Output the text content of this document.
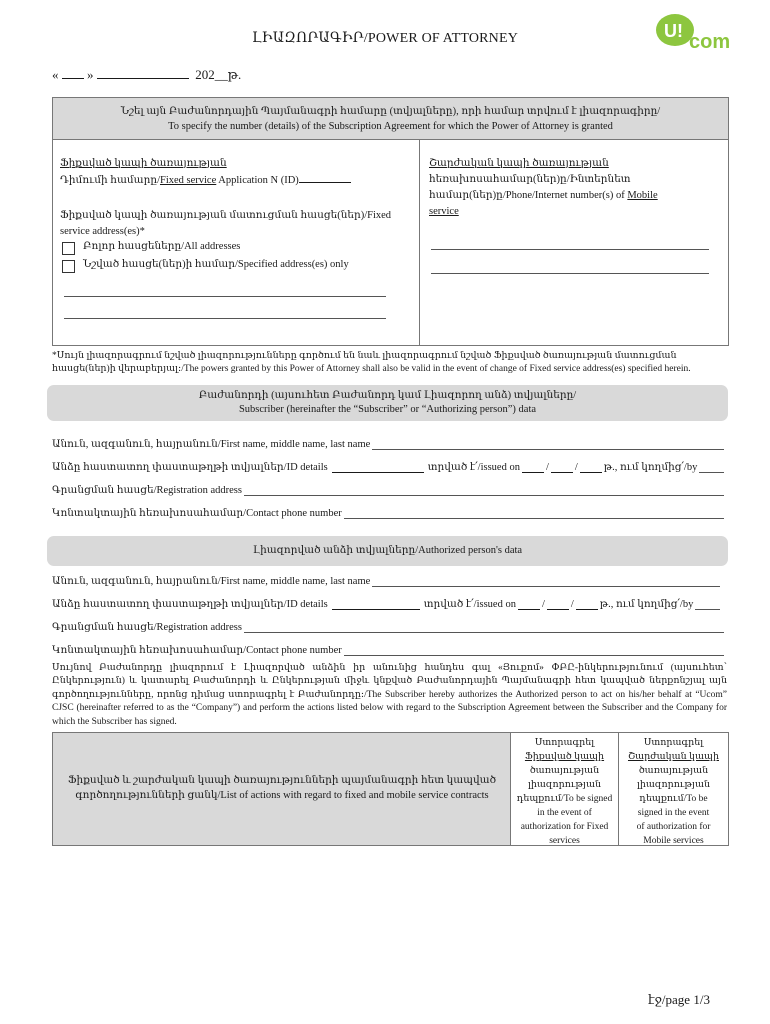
ԼԻԱԶՈՐԱԳԻՐ/POWER OF ATTORNEY	U! com
« »	202__թ.
Նշել այն Բաժանորդային Պայմանագրի համարը (տվյալները), որի համար տրվում է լիազորագիրը/
To specify the number (details) of the Subscription Agreement for which the Power of Attorney is granted
Ֆիքսված կապի ծառայության
Դիմումի համարը/Fixed service Application N (ID)
Ֆիքսված կապի ծառայության մատուցման հասցե(ներ)/Fixed
service address(es)*
Բոլոր հասցեները/All addresses
Նշված հասցե(ներ)ի համար/Specified address(es) only
Շարժական կապի ծառայության
հեռախոսահամար(ներ)ը/Ինտերնետ
համար(ներ)ը/Phone/Internet number(s) of Mobile
service
*Սույն լիազորագրում նշված լիազորությունները գործում են նաև լիազորագրում նշված Ֆիքսված ծառայության մատուցման հասցե(ներ)ի վերաբերյալ։/The powers granted by this Power of Attorney shall also be valid in the event of change of Fixed service address(es) specified herein.
Բաժանորդի (այսուհետ Բաժանորդ կամ Լիազորող անձ) տվյալները/
Subscriber (hereinafter the “Subscriber” or “Authorizing person”) data
Անուն, ազգանուն, հայրանուն/First name, middle name, last name
Անձը հաստատող փաստաթղթի տվյալներ/ID details	տրված է՛/issued on / / թ., ում կողմից՛/by
Գրանցման հասցե/Registration address
Կոնտակտային հեռախոսահամար/Contact phone number
Լիազորված անձի տվյալները/Authorized person's data
Անուն, ազգանուն, հայրանուն/First name, middle name, last name
Անձը հաստատող փաստաթղթի տվյալներ/ID details	տրված է՛/issued on / / թ., ում կողմից՛/by
Գրանցման հասցե/Registration address
Կոնտակտային հեռախոսահամար/Contact phone number
Սույնով Բաժանորդը լիազորում է Լիազորված անձին իր անունից հանդես գալ «Յուքոմ» ՓԲԸ-ինկերությունում (այսուհետ՝ Ընկերություն) և կատարել Բաժանորդի և Ընկերության միջև կնքված Բաժանորդային Պայմանագրի հետ կապված ներքոնշյալ այն գործողությունները, որոնց դիմաց ստորագրել է Բաժանորդը։/The Subscriber hereby authorizes the Authorized person to act on his/her behalf at “Ucom” CJSC (hereinafter referred to as the “Company”) and perform the actions listed below with regard to the Subscription Agreement between the Subscriber and the Company for which the Subscriber has signed.
Ֆիքսված և շարժական կապի ծառայությունների պայմանագրի հետ կապված
գործողությունների ցանկ/List of actions with regard to fixed and mobile service contracts
Ստորագրել
Ֆիքսված կապի
ծառայության
լիազորության
դեպքում/To be signed
in the event of
authorization for Fixed
services
Ստորագրել
Շարժական կապի
ծառայության
լիազորության
դեպքում/To be
signed in the event
of authorization for
Mobile services
էջ/page 1/3
